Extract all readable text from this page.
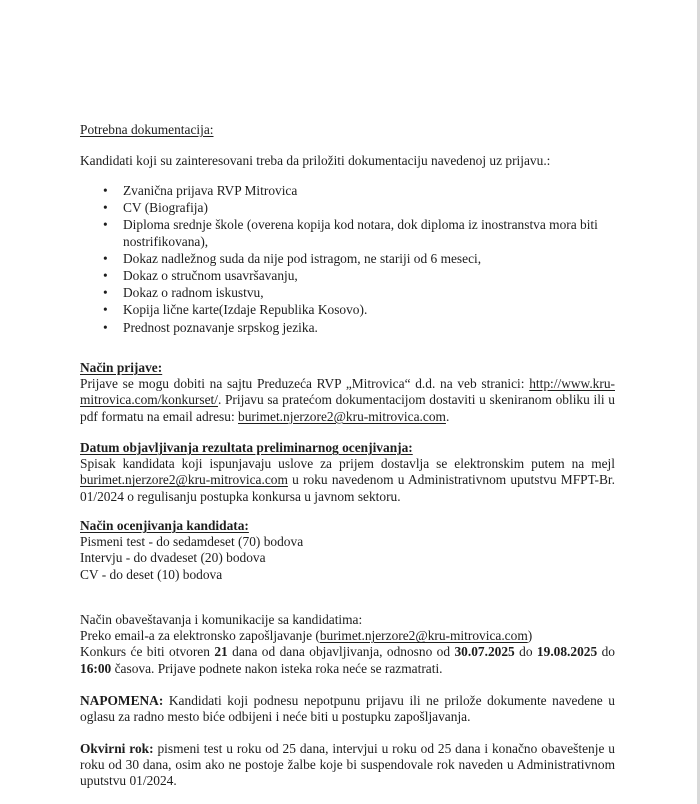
Potrebna dokumentacija:
Kandidati koji su zainteresovani treba da priložiti dokumentaciju navedenoj uz prijavu.:
• Zvanična prijava RVP Mitrovica
• CV (Biografija)
• Diploma srednje škole (overena kopija kod notara, dok diploma iz inostranstva mora biti nostrifikovana),
• Dokaz nadležnog suda da nije pod istragom, ne stariji od 6 meseci,
• Dokaz o stručnom usavršavanju,
• Dokaz o radnom iskustvu,
• Kopija lične karte(Izdaje Republika Kosovo).
• Prednost poznavanje srpskog jezika.
Način prijave:
Prijave se mogu dobiti na sajtu Preduzeća RVP „Mitrovica“ d.d. na veb stranici: http://www.kru-mitrovica.com/konkurset/. Prijavu sa pratećom dokumentacijom dostaviti u skeniranom obliku ili u pdf formatu na email adresu: burimet.njerzore2@kru-mitrovica.com.
Datum objavljivanja rezultata preliminarnog ocenjivanja:
Spisak kandidata koji ispunjavaju uslove za prijem dostavlja se elektronskim putem na mejl burimet.njerzore2@kru-mitrovica.com u roku navedenom u Administrativnom uputstvu MFPT-Br. 01/2024 o regulisanju postupka konkursa u javnom sektoru.
Način ocenjivanja kandidata:
Pismeni test - do sedamdeset (70) bodova
Intervju - do dvadeset (20) bodova
CV - do deset (10) bodova
Način obaveštavanja i komunikacije sa kandidatima:
Preko email-a za elektronsko zapošljavanje (burimet.njerzore2@kru-mitrovica.com)
Konkurs će biti otvoren 21 dana od dana objavljivanja, odnosno od 30.07.2025 do 19.08.2025 do 16:00 časova. Prijave podnete nakon isteka roka neće se razmatrati.
NAPOMENA: Kandidati koji podnesu nepotpunu prijavu ili ne prilože dokumente navedene u oglasu za radno mesto biće odbijeni i neće biti u postupku zapošljavanja.
Okvirni rok: pismeni test u roku od 25 dana, intervjui u roku od 25 dana i konačno obaveštenje u roku od 30 dana, osim ako ne postoje žalbe koje bi suspendovale rok naveden u Administrativnom uputstvu 01/2024.
